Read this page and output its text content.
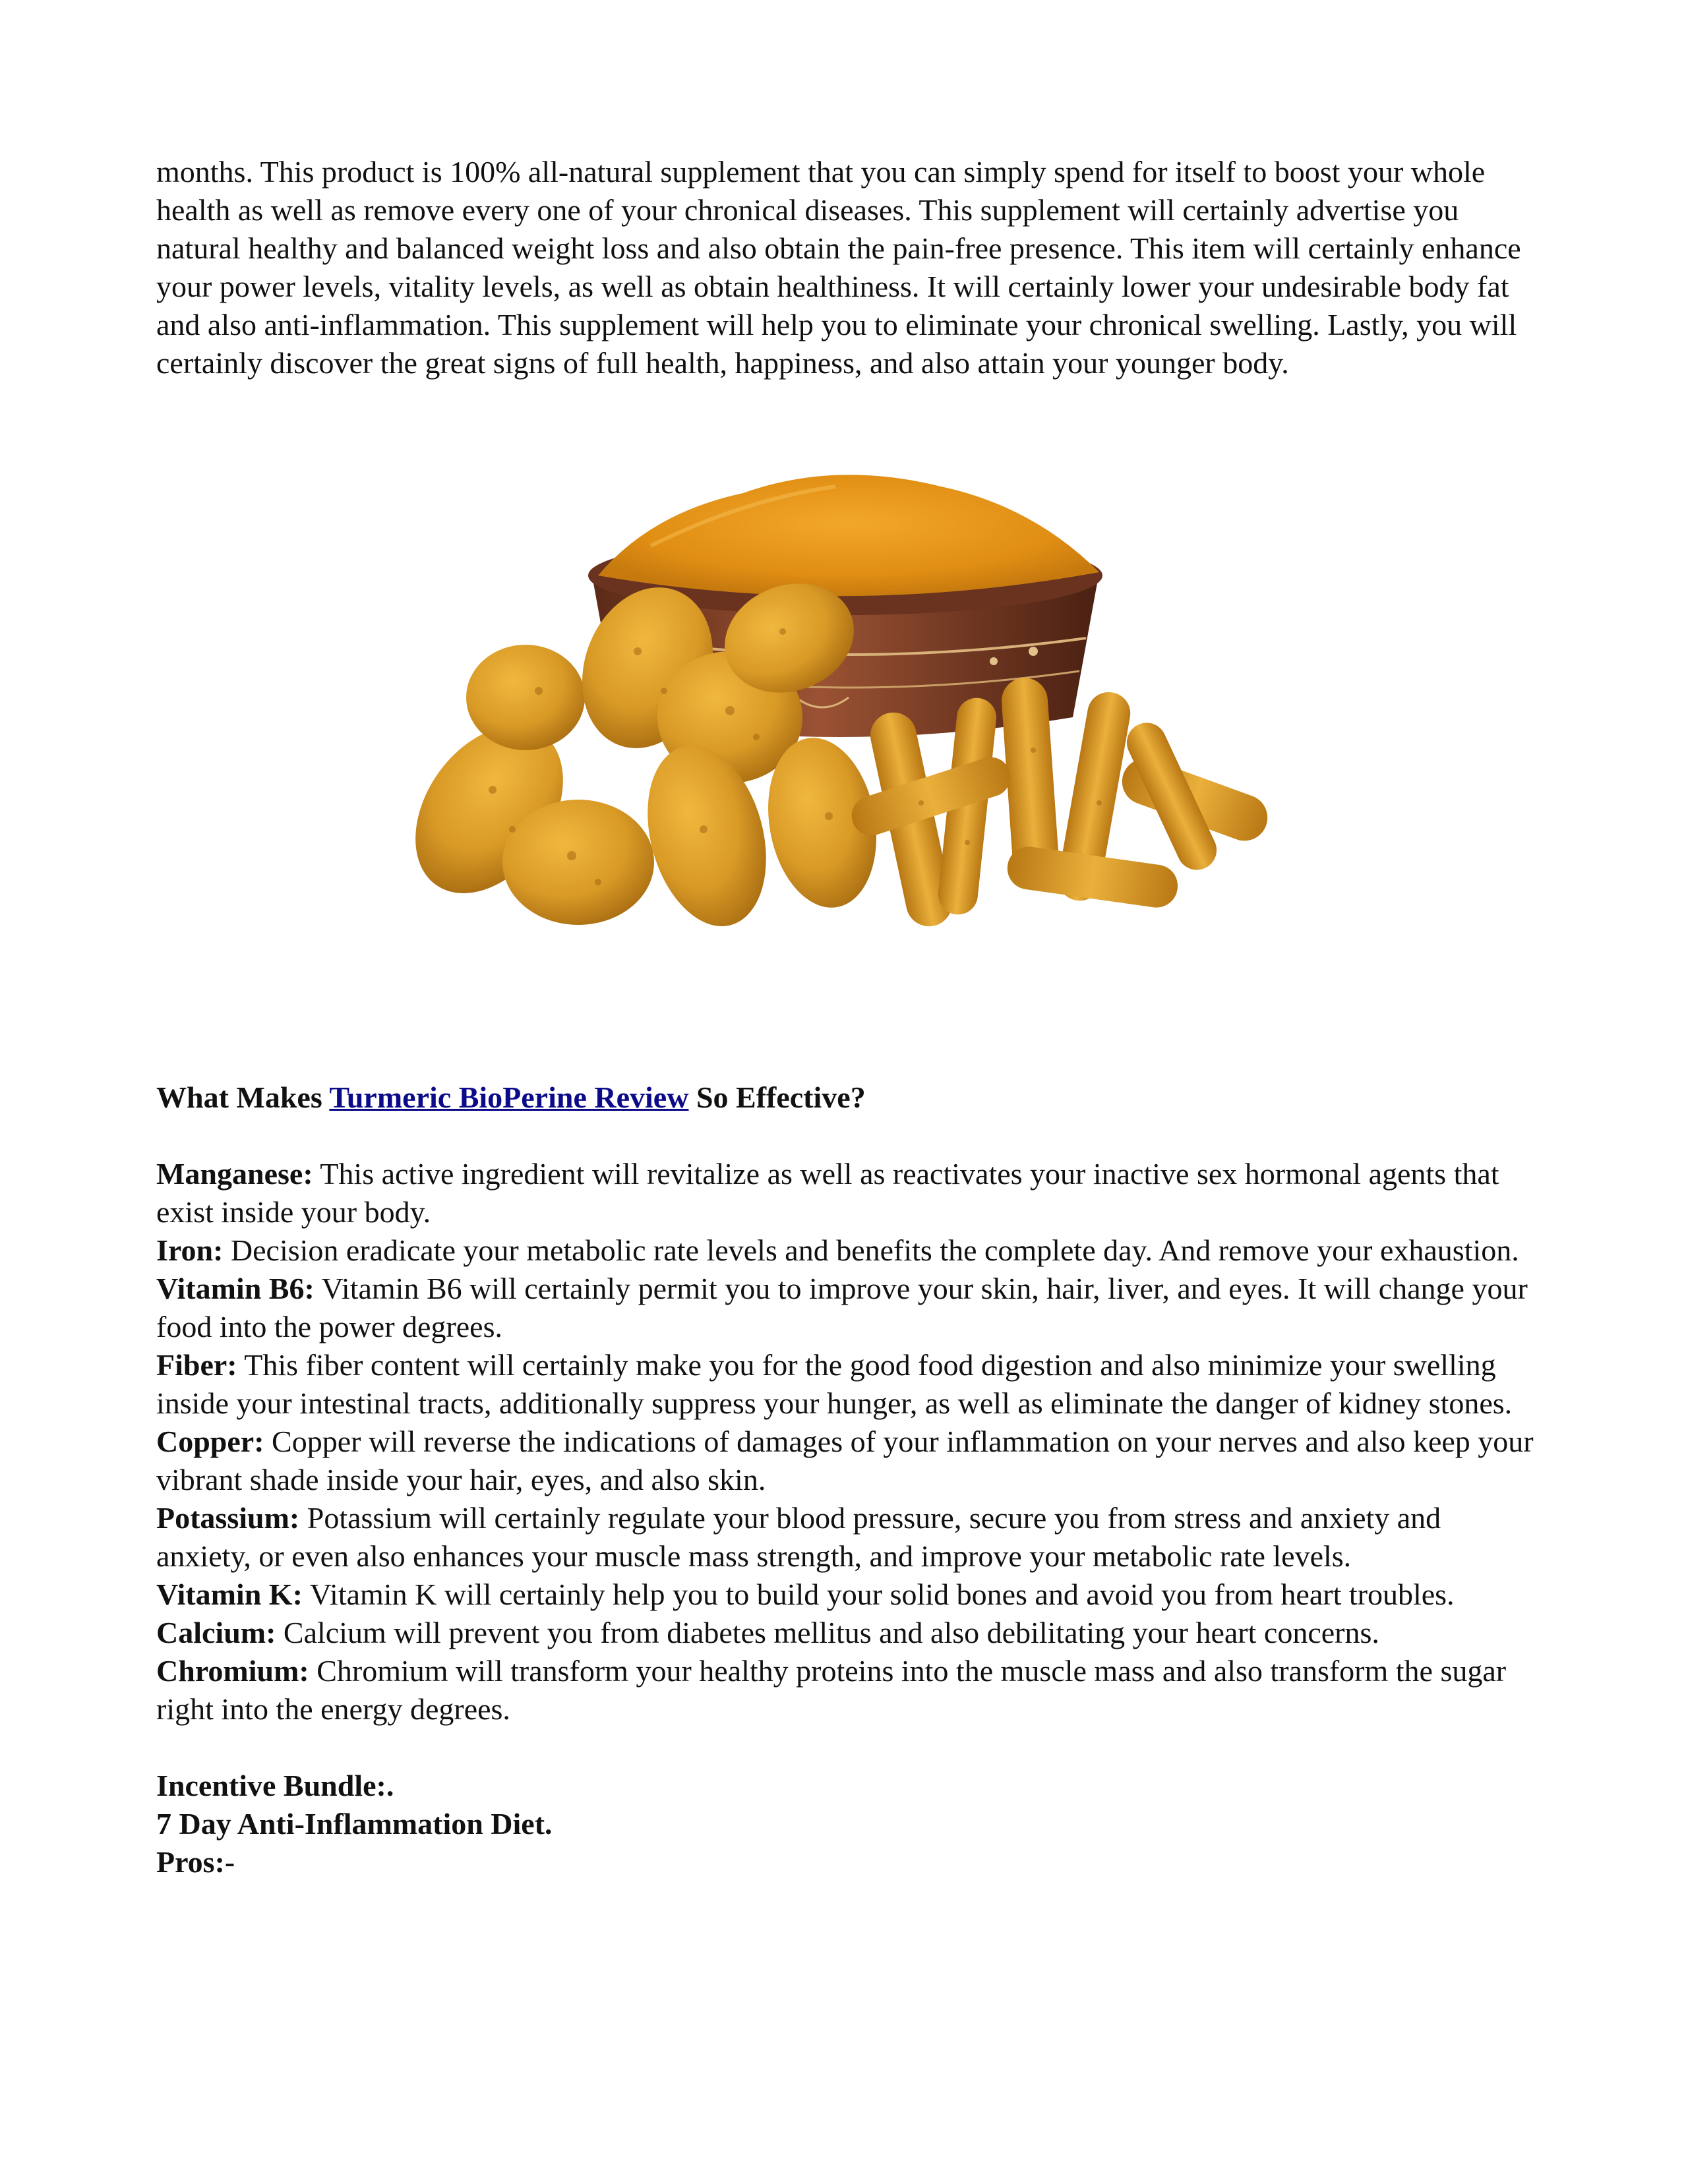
months. This product is 100% all-natural supplement that you can simply spend for itself to boost your whole health as well as remove every one of your chronical diseases. This supplement will certainly advertise you natural healthy and balanced weight loss and also obtain the pain-free presence. This item will certainly enhance your power levels, vitality levels, as well as obtain healthiness. It will certainly lower your undesirable body fat and also anti-inflammation. This supplement will help you to eliminate your chronical swelling. Lastly, you will certainly discover the great signs of full health, happiness, and also attain your younger body.

What Makes Turmeric BioPerine Review So Effective?

Manganese: This active ingredient will revitalize as well as reactivates your inactive sex hormonal agents that exist inside your body.

Iron: Decision eradicate your metabolic rate levels and benefits the complete day. And remove your exhaustion.

Vitamin B6: Vitamin B6 will certainly permit you to improve your skin, hair, liver, and eyes. It will change your food into the power degrees.

Fiber: This fiber content will certainly make you for the good food digestion and also minimize your swelling inside your intestinal tracts, additionally suppress your hunger, as well as eliminate the danger of kidney stones.

Copper: Copper will reverse the indications of damages of your inflammation on your nerves and also keep your vibrant shade inside your hair, eyes, and also skin.

Potassium: Potassium will certainly regulate your blood pressure, secure you from stress and anxiety and anxiety, or even also enhances your muscle mass strength, and improve your metabolic rate levels.

Vitamin K: Vitamin K will certainly help you to build your solid bones and avoid you from heart troubles.

Calcium: Calcium will prevent you from diabetes mellitus and also debilitating your heart concerns.

Chromium: Chromium will transform your healthy proteins into the muscle mass and also transform the sugar right into the energy degrees.

Incentive Bundle:.
7 Day Anti-Inflammation Diet.
Pros:-
